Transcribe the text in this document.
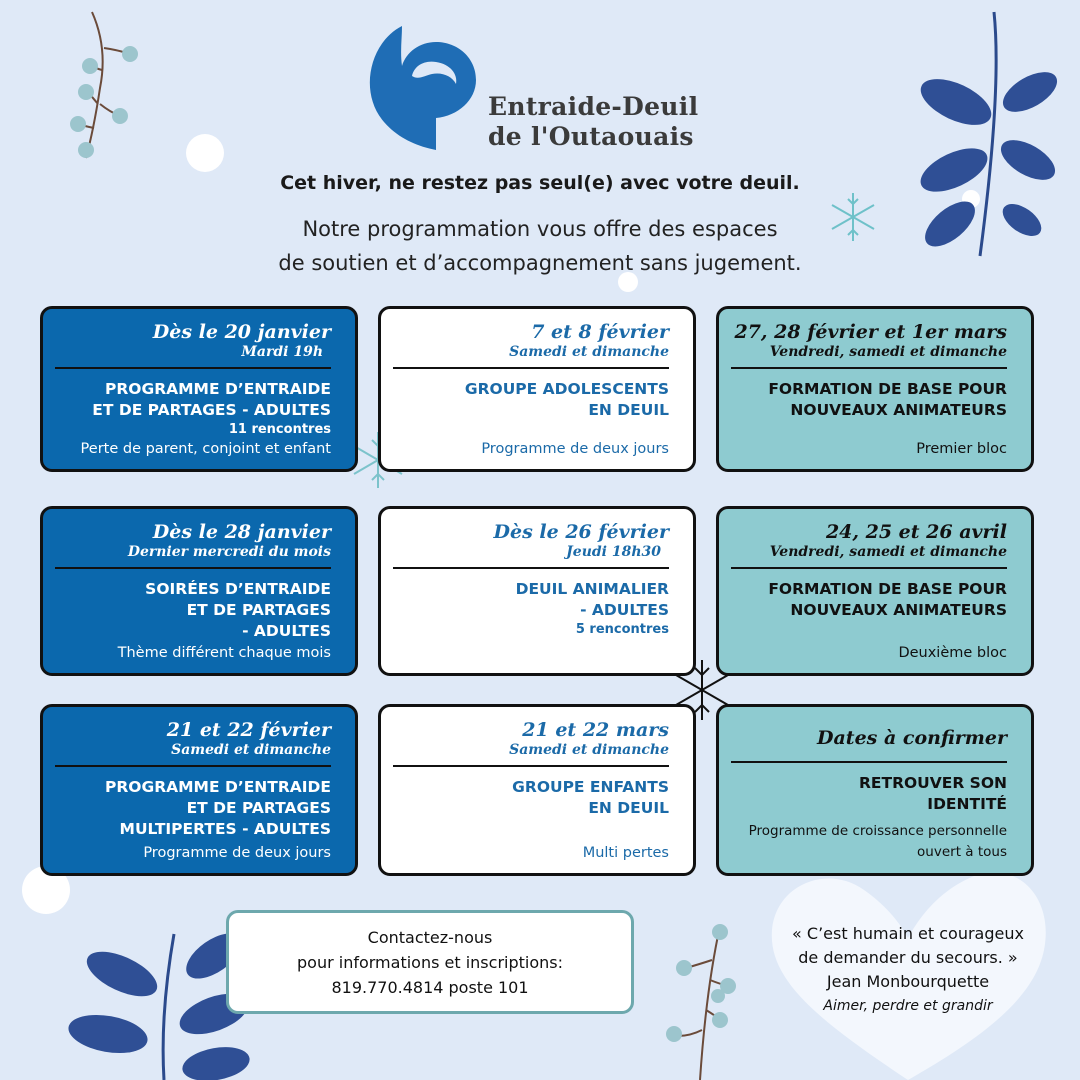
Entraide-Deuil
de l'Outaouais
Cet hiver, ne restez pas seul(e) avec votre deuil.
Notre programmation vous offre des espaces
de soutien et d’accompagnement sans jugement.
Dès le 20 janvier
Mardi 19h
PROGRAMME D’ENTRAIDE
ET DE PARTAGES - ADULTES
11 rencontres
Perte de parent, conjoint et enfant
7 et 8 février
Samedi et dimanche
GROUPE ADOLESCENTS
EN DEUIL
Programme de deux jours
27, 28 février et 1er mars
Vendredi, samedi et dimanche
FORMATION DE BASE POUR
NOUVEAUX ANIMATEURS
Premier bloc
Dès le 28 janvier
Dernier mercredi du mois
SOIRÉES D’ENTRAIDE
ET DE PARTAGES
- ADULTES
Thème différent chaque mois
Dès le 26 février
Jeudi 18h30
DEUIL ANIMALIER
- ADULTES
5 rencontres
24, 25 et 26 avril
Vendredi, samedi et dimanche
FORMATION DE BASE POUR
NOUVEAUX ANIMATEURS
Deuxième bloc
21 et 22 février
Samedi et dimanche
PROGRAMME D’ENTRAIDE
ET DE PARTAGES
MULTIPERTES - ADULTES
Programme de deux jours
21 et 22 mars
Samedi et dimanche
GROUPE ENFANTS
EN DEUIL
Multi pertes
Dates à confirmer
RETROUVER SON
IDENTITÉ
Programme de croissance personnelle
ouvert à tous
Contactez-nous
pour informations et inscriptions:
819.770.4814 poste 101
« C’est humain et courageux
de demander du secours. »
Jean Monbourquette
Aimer, perdre et grandir
